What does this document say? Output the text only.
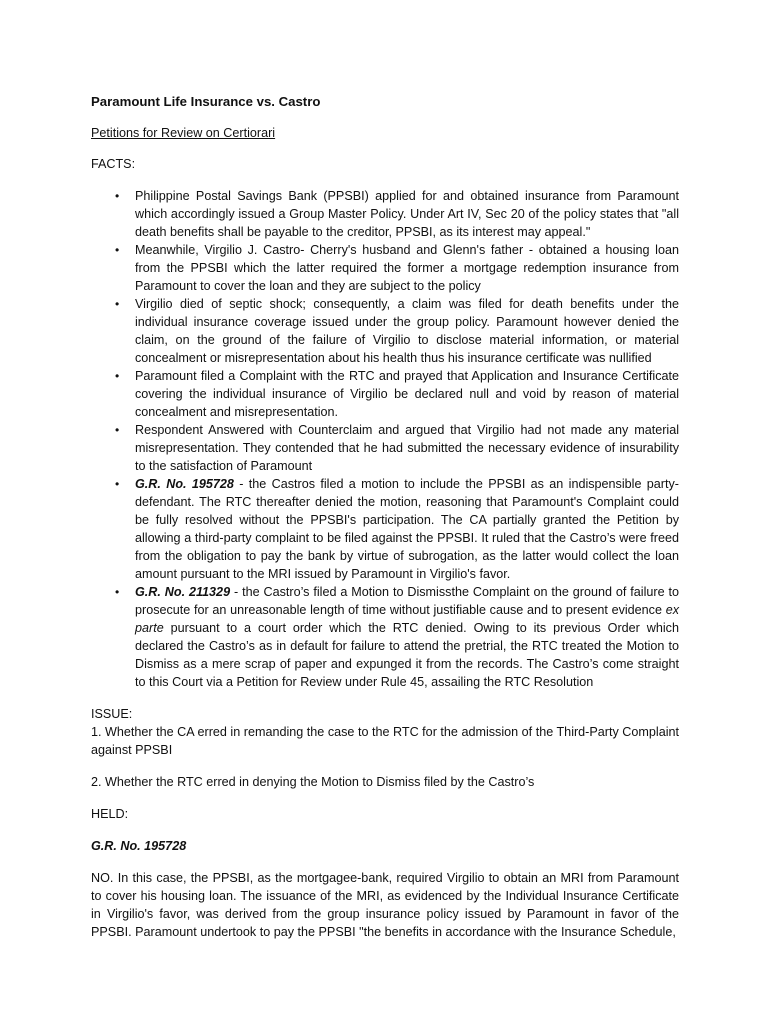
Paramount Life Insurance vs. Castro

Petitions for Review on Certiorari

FACTS:

• Philippine Postal Savings Bank (PPSBI) applied for and obtained insurance from Paramount which accordingly issued a Group Master Policy. Under Art IV, Sec 20 of the policy states that "all death benefits shall be payable to the creditor, PPSBI, as its interest may appeal."
• Meanwhile, Virgilio J. Castro- Cherry's husband and Glenn's father - obtained a housing loan from the PPSBI which the latter required the former a mortgage redemption insurance from Paramount to cover the loan and they are subject to the policy
• Virgilio died of septic shock; consequently, a claim was filed for death benefits under the individual insurance coverage issued under the group policy. Paramount however denied the claim, on the ground of the failure of Virgilio to disclose material information, or material concealment or misrepresentation about his health thus his insurance certificate was nullified
• Paramount filed a Complaint with the RTC and prayed that Application and Insurance Certificate covering the individual insurance of Virgilio be declared null and void by reason of material concealment and misrepresentation.
• Respondent Answered with Counterclaim and argued that Virgilio had not made any material misrepresentation. They contended that he had submitted the necessary evidence of insurability to the satisfaction of Paramount
• G.R. No. 195728 - the Castros filed a motion to include the PPSBI as an indispensible party-defendant. The RTC thereafter denied the motion, reasoning that Paramount's Complaint could be fully resolved without the PPSBI's participation. The CA partially granted the Petition by allowing a third-party complaint to be filed against the PPSBI. It ruled that the Castro’s were freed from the obligation to pay the bank by virtue of subrogation, as the latter would collect the loan amount pursuant to the MRI issued by Paramount in Virgilio's favor.
• G.R. No. 211329 - the Castro’s filed a Motion to Dismissthe Complaint on the ground of failure to prosecute for an unreasonable length of time without justifiable cause and to present evidence ex parte pursuant to a court order which the RTC denied. Owing to its previous Order which declared the Castro’s as in default for failure to attend the pretrial, the RTC treated the Motion to Dismiss as a mere scrap of paper and expunged it from the records. The Castro’s come straight to this Court via a Petition for Review under Rule 45, assailing the RTC Resolution

ISSUE:

1. Whether the CA erred in remanding the case to the RTC for the admission of the Third-Party Complaint against PPSBI

2. Whether the RTC erred in denying the Motion to Dismiss filed by the Castro’s

HELD:

G.R. No. 195728

NO. In this case, the PPSBI, as the mortgagee-bank, required Virgilio to obtain an MRI from Paramount to cover his housing loan. The issuance of the MRI, as evidenced by the Individual Insurance Certificate in Virgilio's favor, was derived from the group insurance policy issued by Paramount in favor of the PPSBI. Paramount undertook to pay the PPSBI "the benefits in accordance with the Insurance Schedule,
